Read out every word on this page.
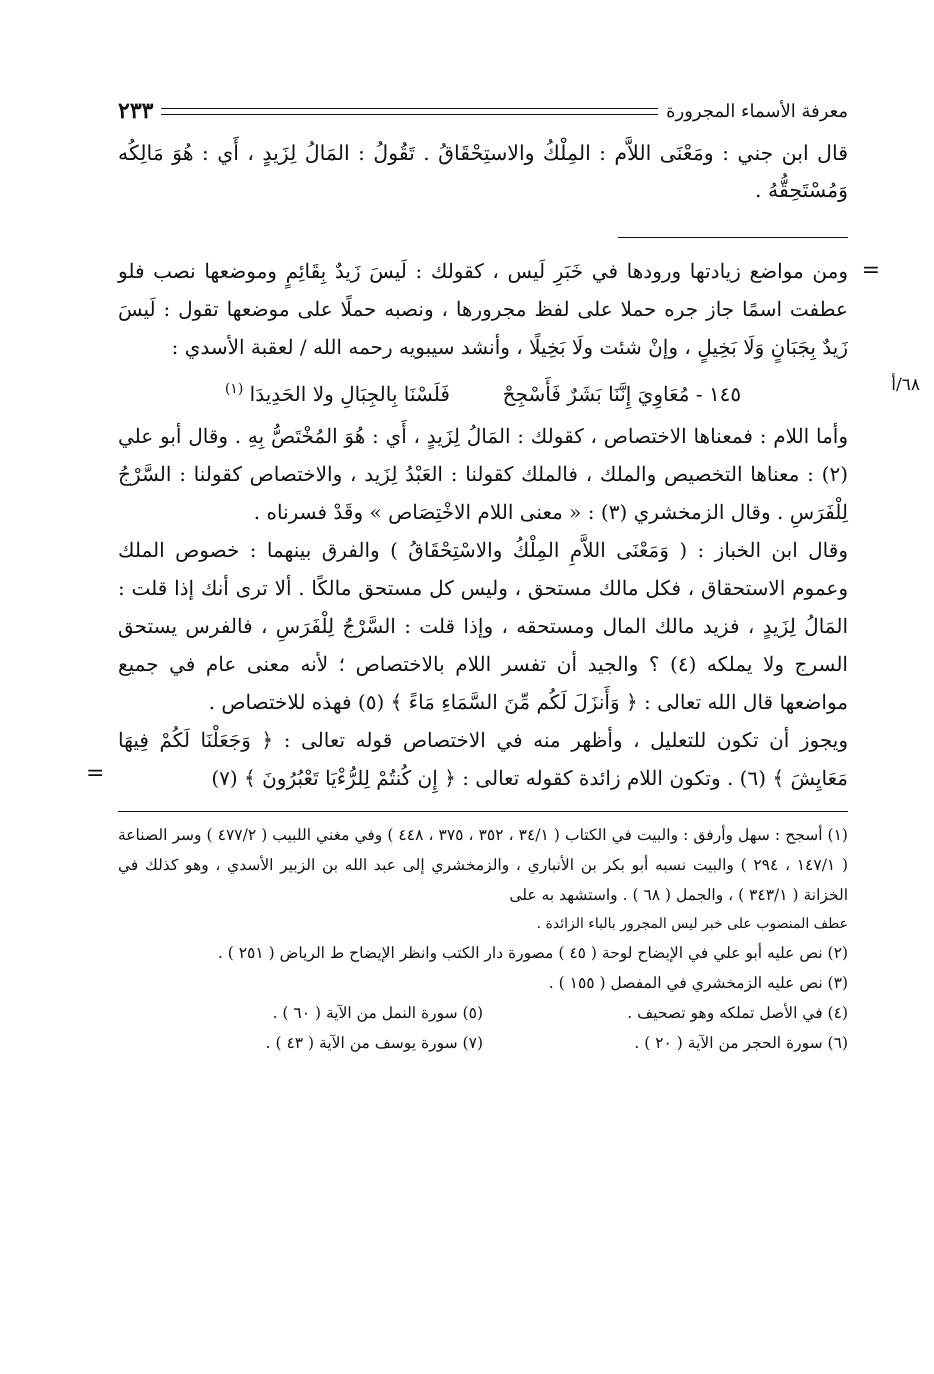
معرفة الأسماء المجرورة
٢٣٣

قال ابن جني : ومَعْنَى اللاَّم : المِلْكُ والاستِحْقَاقُ . تَقُولُ : المَالُ لِزَيدٍ ، أَي : هُوَ مَالِكُه وَمُسْتَحِقُّهُ .

=
٦٨/أ

ومن مواضع زيادتها ورودها في خَبَرِ لَيس ، كقولك : لَيسَ زَيدٌ بِقَائِمٍ وموضعها نصب فلو عطفت اسمًا جاز جره حملا على لفظ مجرورها ، ونصبه حملًا على موضعها تقول : لَيسَ زَيدٌ بِجَبَانٍ وَلَا بَخِيلٍ ، وإنْ شئت ولَا بَخِيلًا ، وأنشد سيبويه رحمه الله / لعقبة الأسدي :

١٤٥ - مُعَاوِيَ إِنَّنَا بَشَرٌ فَأَسْجِحْ  فَلَسْنَا بِالجِبَالِ ولا الحَدِيدَا (١)

وأما اللام : فمعناها الاختصاص ، كقولك : المَالُ لِزَيدٍ ، أَي : هُوَ المُخْتَصُّ بِهِ . وقال أبو علي (٢) : معناها التخصيص والملك ، فالملك كقولنا : العَبْدُ لِزَيد ، والاختصاص كقولنا : السَّرْجُ لِلْفَرَسِ . وقال الزمخشري (٣) : « معنى اللام الاخْتِصَاص » وقَدْ فسرناه .

وقال ابن الخباز : ( وَمَعْنَى اللاَّمِ المِلْكُ والاسْتِحْقَاقُ ) والفرق بينهما : خصوص الملك وعموم الاستحقاق ، فكل مالك مستحق ، وليس كل مستحق مالكًا . ألا ترى أنك إذا قلت : المَالُ لِزَيدٍ ، فزيد مالك المال ومستحقه ، وإذا قلت : السَّرْجُ لِلْفَرَسِ ، فالفرس يستحق السرج ولا يملكه (٤) ؟ والجيد أن تفسر اللام بالاختصاص ؛ لأنه معنى عام في جميع مواضعها قال الله تعالى : ﴿ وَأَنزَلَ لَكُم مِّنَ السَّمَاءِ مَاءً ﴾ (٥) فهذه للاختصاص .

ويجوز أن تكون للتعليل ، وأظهر منه في الاختصاص قوله تعالى : ﴿ وَجَعَلْنَا لَكُمْ فِيهَا مَعَايِشَ ﴾ (٦) . وتكون اللام زائدة كقوله تعالى : ﴿ إِن كُنتُمْ لِلرُّءْيَا تَعْبُرُونَ ﴾ (٧)

=

(١) أسجح : سهل وأرفق : والبيت في الكتاب ( ٣٤/١ ، ٣٥٢ ، ٣٧٥ ، ٤٤٨ ) وفي مغني اللبيب ( ٤٧٧/٢ ) وسر الصناعة ( ١٤٧/١ ، ٢٩٤ ) والبيت نسبه أبو بكر بن الأنباري ، والزمخشري إلى عبد الله بن الزبير الأسدي ، وهو كذلك في الخزانة ( ٣٤٣/١ ) ، والجمل ( ٦٨ ) . واستشهد به على

عطف المنصوب على خبر ليس المجرور بالباء الزائدة .

(٢) نص عليه أبو علي في الإيضاح لوحة ( ٤٥ ) مصورة دار الكتب وانظر الإيضاح ط الرياض ( ٢٥١ ) .

(٣) نص عليه الزمخشري في المفصل ( ١٥٥ ) .

(٤) في الأصل تملكه وهو تصحيف .
(٥) سورة النمل من الآية ( ٦٠ ) .
(٦) سورة الحجر من الآية ( ٢٠ ) .
(٧) سورة يوسف من الآية ( ٤٣ ) .
